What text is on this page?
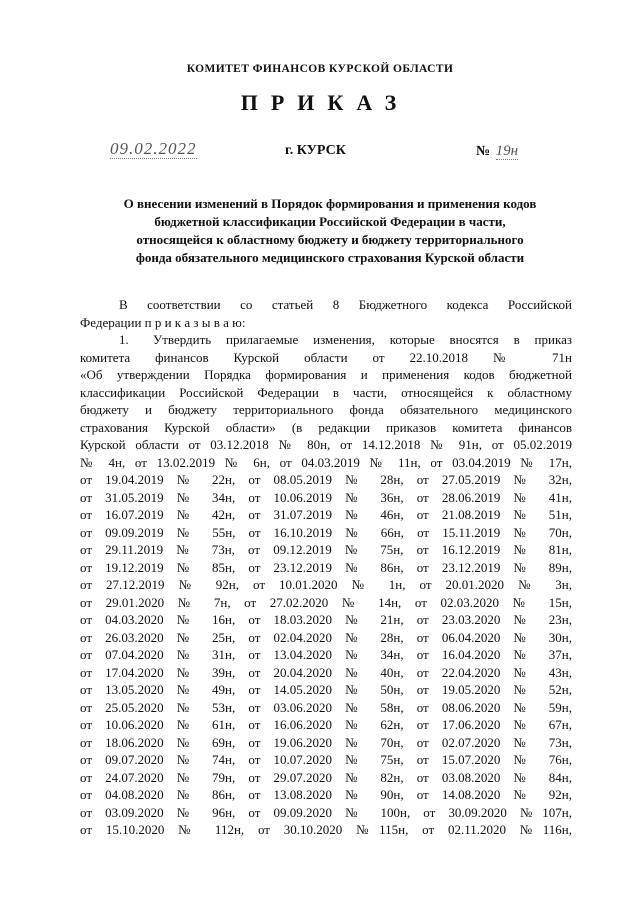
КОМИТЕТ ФИНАНСОВ КУРСКОЙ ОБЛАСТИ
ПРИКАЗ
09.02.2022	г. КУРСК	№ 19н
О внесении изменений в Порядок формирования и применения кодов
бюджетной классификации Российской Федерации в части,
относящейся к областному бюджету и бюджету территориального
фонда обязательного медицинского страхования Курской области

В соответствии со статьей 8 Бюджетного кодекса Российской

Федерации п р и к а з ы в а ю:

1.	Утвердить прилагаемые изменения, которые вносятся в приказ

комитета финансов Курской области от 22.10.2018 № 71н

«Об утверждении Порядка формирования и применения кодов бюджетной

классификации Российской Федерации в части, относящейся к областному

бюджету и бюджету территориального фонда обязательного медицинского

страхования Курской области» (в редакции приказов комитета финансов

Курской области от 03.12.2018 № 80н, от 14.12.2018 № 91н, от 05.02.2019

№ 4н, от 13.02.2019 № 6н, от 04.03.2019 № 11н, от 03.04.2019 № 17н,

от 19.04.2019 № 22н, от 08.05.2019 № 28н, от 27.05.2019 № 32н,

от 31.05.2019 № 34н, от 10.06.2019 № 36н, от 28.06.2019 № 41н,

от 16.07.2019 № 42н, от 31.07.2019 № 46н, от 21.08.2019 № 51н,

от 09.09.2019 № 55н, от 16.10.2019 № 66н, от 15.11.2019 № 70н,

от 29.11.2019 № 73н, от 09.12.2019 № 75н, от 16.12.2019 № 81н,

от 19.12.2019 № 85н, от 23.12.2019 № 86н, от 23.12.2019 № 89н,

от 27.12.2019 № 92н, от 10.01.2020 № 1н, от 20.01.2020 № 3н,

от 29.01.2020 № 7н, от 27.02.2020 № 14н, от 02.03.2020 № 15н,

от 04.03.2020 № 16н, от 18.03.2020 № 21н, от 23.03.2020 № 23н,

от 26.03.2020 № 25н, от 02.04.2020 № 28н, от 06.04.2020 № 30н,

от 07.04.2020 № 31н, от 13.04.2020 № 34н, от 16.04.2020 № 37н,

от 17.04.2020 № 39н, от 20.04.2020 № 40н, от 22.04.2020 № 43н,

от 13.05.2020 № 49н, от 14.05.2020 № 50н, от 19.05.2020 № 52н,

от 25.05.2020 № 53н, от 03.06.2020 № 58н, от 08.06.2020 № 59н,

от 10.06.2020 № 61н, от 16.06.2020 № 62н, от 17.06.2020 № 67н,

от 18.06.2020 № 69н, от 19.06.2020 № 70н, от 02.07.2020 № 73н,

от 09.07.2020 № 74н, от 10.07.2020 № 75н, от 15.07.2020 № 76н,

от 24.07.2020 № 79н, от 29.07.2020 № 82н, от 03.08.2020 № 84н,

от 04.08.2020 № 86н, от 13.08.2020 № 90н, от 14.08.2020 № 92н,

от 03.09.2020 № 96н, от 09.09.2020 № 100н, от 30.09.2020 №107н,

от 15.10.2020 № 112н, от 30.10.2020 №115н, от 02.11.2020 №116н,
